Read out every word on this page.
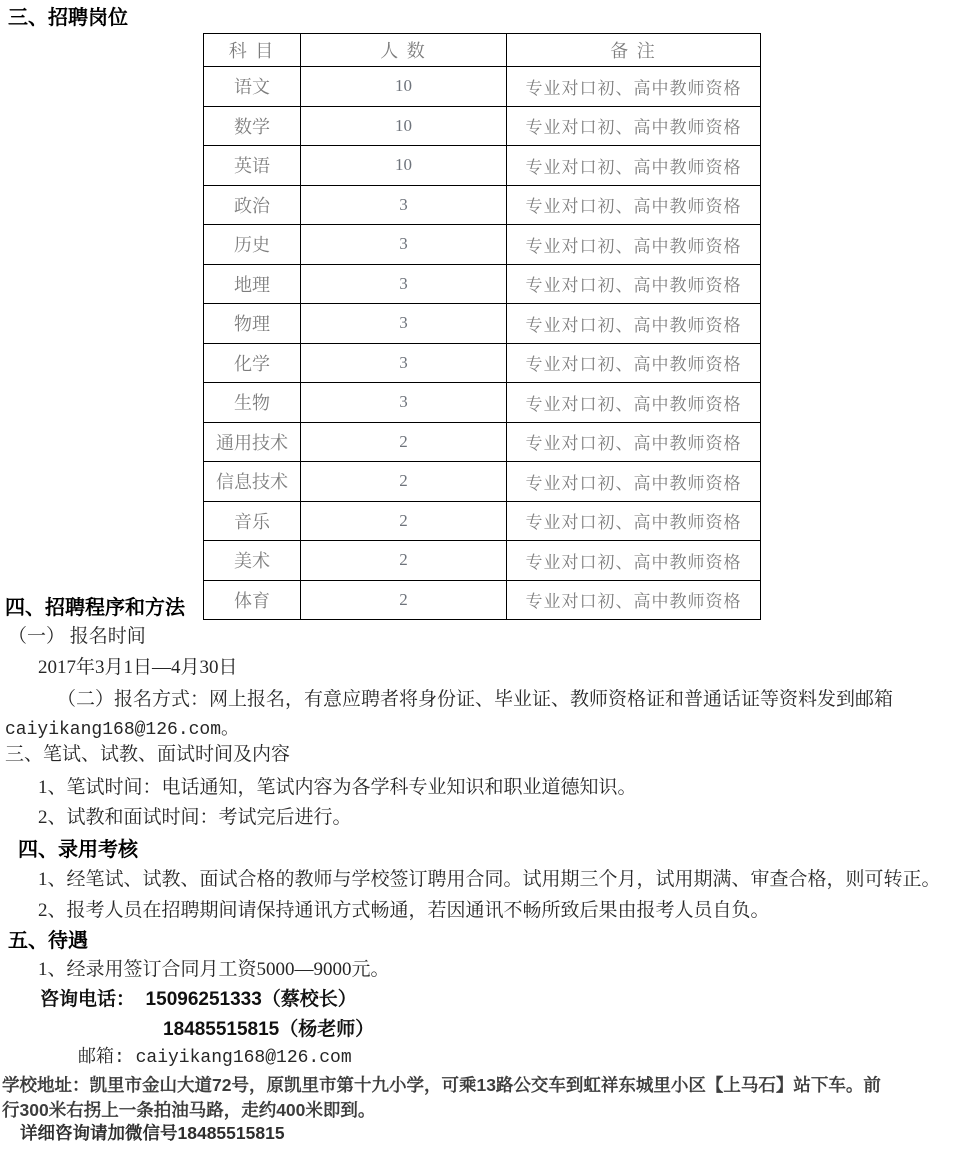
三、招聘岗位
科 目	人 数	备 注
语文	10	专业对口初、高中教师资格
数学	10	专业对口初、高中教师资格
英语	10	专业对口初、高中教师资格
政治	3	专业对口初、高中教师资格
历史	3	专业对口初、高中教师资格
地理	3	专业对口初、高中教师资格
物理	3	专业对口初、高中教师资格
化学	3	专业对口初、高中教师资格
生物	3	专业对口初、高中教师资格
通用技术	2	专业对口初、高中教师资格
信息技术	2	专业对口初、高中教师资格
音乐	2	专业对口初、高中教师资格
美术	2	专业对口初、高中教师资格
体育	2	专业对口初、高中教师资格
四、招聘程序和方法
（一） 报名时间
2017年3月1日—4月30日
（二）报名方式：网上报名，有意应聘者将身份证、毕业证、教师资格证和普通话证等资料发到邮箱
caiyikang168@126.com。
三、笔试、试教、面试时间及内容
1、笔试时间：电话通知，笔试内容为各学科专业知识和职业道德知识。
2、试教和面试时间：考试完后进行。
四、录用考核
1、经笔试、试教、面试合格的教师与学校签订聘用合同。试用期三个月，试用期满、审查合格，则可转正。
2、报考人员在招聘期间请保持通讯方式畅通，若因通讯不畅所致后果由报考人员自负。
五、待遇
1、经录用签订合同月工资5000—9000元。
咨询电话：  15096251333（蔡校长）
18485515815（杨老师）
邮箱: caiyikang168@126.com
学校地址：凯里市金山大道72号，原凯里市第十九小学，可乘13路公交车到虹祥东城里小区【上马石】站下车。前
行300米右拐上一条拍油马路，走约400米即到。
详细咨询请加微信号18485515815
